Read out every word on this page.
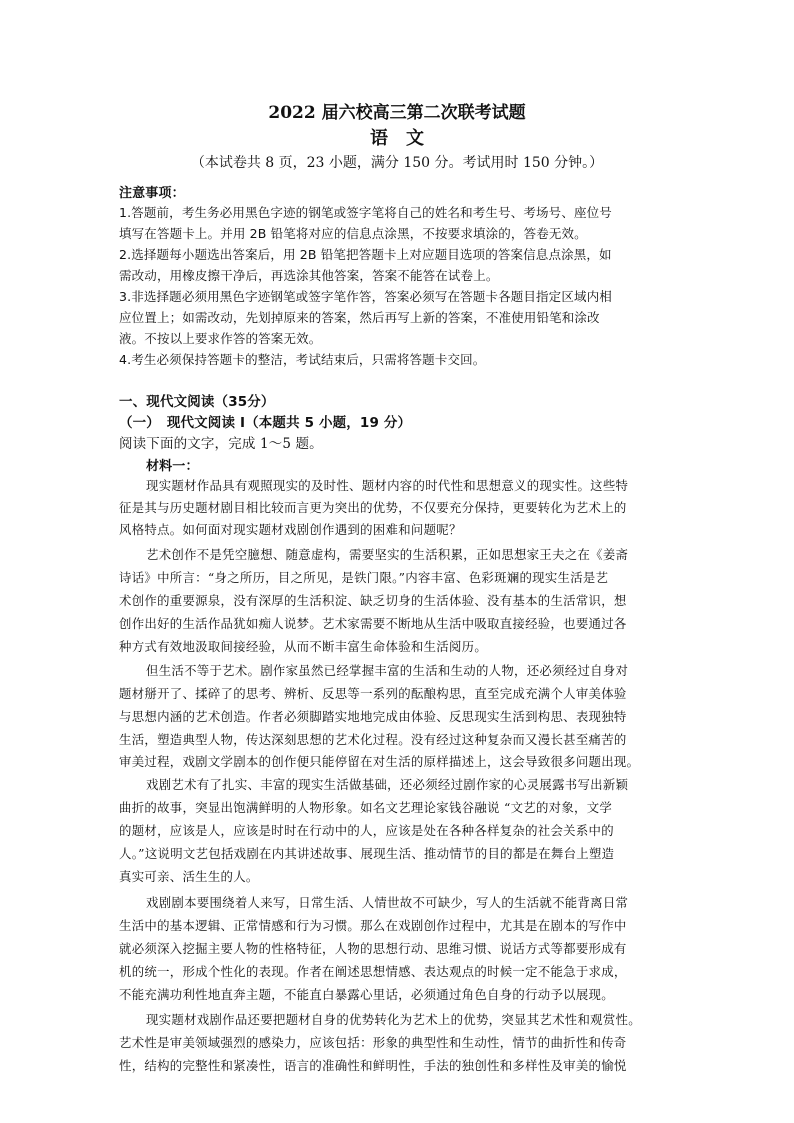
2022 届六校高三第二次联考试题
语　文
（本试卷共 8 页，23 小题，满分 150 分。考试用时 150 分钟。）
注意事项：
1.答题前，考生务必用黑色字迹的钢笔或签字笔将自己的姓名和考生号、考场号、座位号
填写在答题卡上。并用 2B 铅笔将对应的信息点涂黑，不按要求填涂的，答卷无效。
2.选择题每小题选出答案后，用 2B 铅笔把答题卡上对应题目选项的答案信息点涂黑，如
需改动，用橡皮擦干净后，再选涂其他答案，答案不能答在试卷上。
3.非选择题必须用黑色字迹钢笔或签字笔作答，答案必须写在答题卡各题目指定区域内相
应位置上；如需改动，先划掉原来的答案，然后再写上新的答案，不准使用铅笔和涂改
液。不按以上要求作答的答案无效。
4.考生必须保持答题卡的整洁，考试结束后，只需将答题卡交回。
一、现代文阅读（35分）
（一）　现代文阅读 I（本题共 5 小题，19 分）
阅读下面的文字，完成 1～5 题。
材料一：
现实题材作品具有观照现实的及时性、题材内容的时代性和思想意义的现实性。这些特
征是其与历史题材剧目相比较而言更为突出的优势，不仅要充分保持，更要转化为艺术上的
风格特点。如何面对现实题材戏剧创作遇到的困难和问题呢？
艺术创作不是凭空臆想、随意虚构，需要坚实的生活积累，正如思想家王夫之在《姜斋
诗话》中所言：“身之所历，目之所见，是铁门限。”内容丰富、色彩斑斓的现实生活是艺
术创作的重要源泉，没有深厚的生活积淀、缺乏切身的生活体验、没有基本的生活常识，想
创作出好的生活作品犹如痴人说梦。艺术家需要不断地从生活中吸取直接经验，也要通过各
种方式有效地汲取间接经验，从而不断丰富生命体验和生活阅历。
但生活不等于艺术。剧作家虽然已经掌握丰富的生活和生动的人物，还必须经过自身对
题材掰开了、揉碎了的思考、辨析、反思等一系列的酝酿构思，直至完成充满个人审美体验
与思想内涵的艺术创造。作者必须脚踏实地地完成由体验、反思现实生活到构思、表现独特
生活，塑造典型人物，传达深刻思想的艺术化过程。没有经过这种复杂而又漫长甚至痛苦的
审美过程，戏剧文学剧本的创作便只能停留在对生活的原样描述上，这会导致很多问题出现。
戏剧艺术有了扎实、丰富的现实生活做基础，还必须经过剧作家的心灵展露书写出新颖
曲折的故事，突显出饱满鲜明的人物形象。如名文艺理论家钱谷融说 “文艺的对象，文学
的题材，应该是人，应该是时时在行动中的人，应该是处在各种各样复杂的社会关系中的
人。”这说明文艺包括戏剧在内其讲述故事、展现生活、推动情节的目的都是在舞台上塑造
真实可亲、活生生的人。
戏剧剧本要围绕着人来写，日常生活、人情世故不可缺少，写人的生活就不能背离日常
生活中的基本逻辑、正常情感和行为习惯。那么在戏剧创作过程中，尤其是在剧本的写作中
就必须深入挖掘主要人物的性格特征，人物的思想行动、思维习惯、说话方式等都要形成有
机的统一，形成个性化的表现。作者在阐述思想情感、表达观点的时候一定不能急于求成，
不能充满功利性地直奔主题，不能直白暴露心里话，必须通过角色自身的行动予以展现。
现实题材戏剧作品还要把题材自身的优势转化为艺术上的优势，突显其艺术性和观赏性。
艺术性是审美领域强烈的感染力，应该包括：形象的典型性和生动性，情节的曲折性和传奇
性，结构的完整性和紧凑性，语言的准确性和鲜明性，手法的独创性和多样性及审美的愉悦
